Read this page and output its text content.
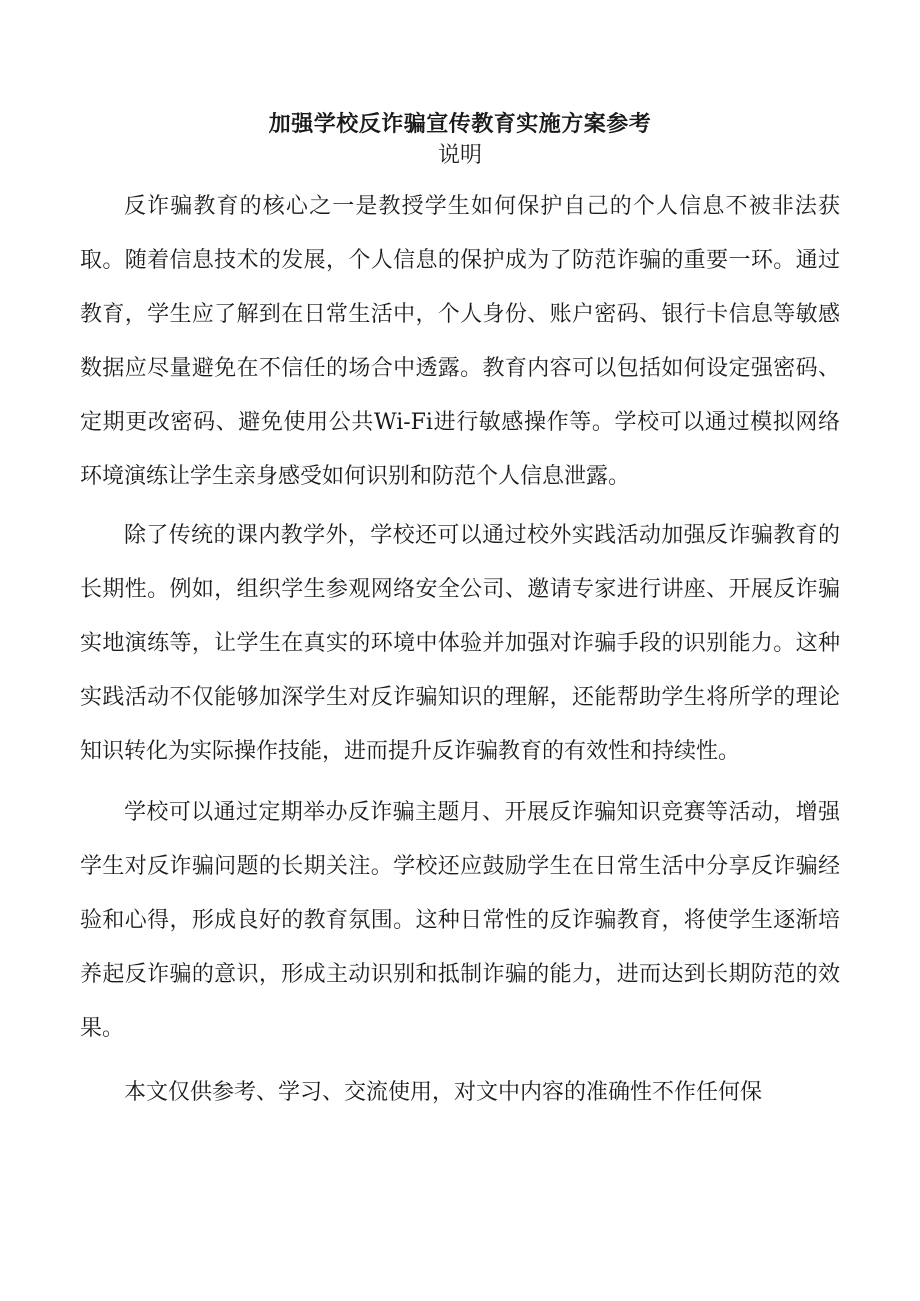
加强学校反诈骗宣传教育实施方案参考
说明

反诈骗教育的核心之一是教授学生如何保护自己的个人信息不被非法获取。随着信息技术的发展，个人信息的保护成为了防范诈骗的重要一环。通过教育，学生应了解到在日常生活中，个人身份、账户密码、银行卡信息等敏感数据应尽量避免在不信任的场合中透露。教育内容可以包括如何设定强密码、定期更改密码、避免使用公共Wi-Fi进行敏感操作等。学校可以通过模拟网络环境演练让学生亲身感受如何识别和防范个人信息泄露。

除了传统的课内教学外，学校还可以通过校外实践活动加强反诈骗教育的长期性。例如，组织学生参观网络安全公司、邀请专家进行讲座、开展反诈骗实地演练等，让学生在真实的环境中体验并加强对诈骗手段的识别能力。这种实践活动不仅能够加深学生对反诈骗知识的理解，还能帮助学生将所学的理论知识转化为实际操作技能，进而提升反诈骗教育的有效性和持续性。

学校可以通过定期举办反诈骗主题月、开展反诈骗知识竞赛等活动，增强学生对反诈骗问题的长期关注。学校还应鼓励学生在日常生活中分享反诈骗经验和心得，形成良好的教育氛围。这种日常性的反诈骗教育，将使学生逐渐培养起反诈骗的意识，形成主动识别和抵制诈骗的能力，进而达到长期防范的效果。

本文仅供参考、学习、交流使用，对文中内容的准确性不作任何保
